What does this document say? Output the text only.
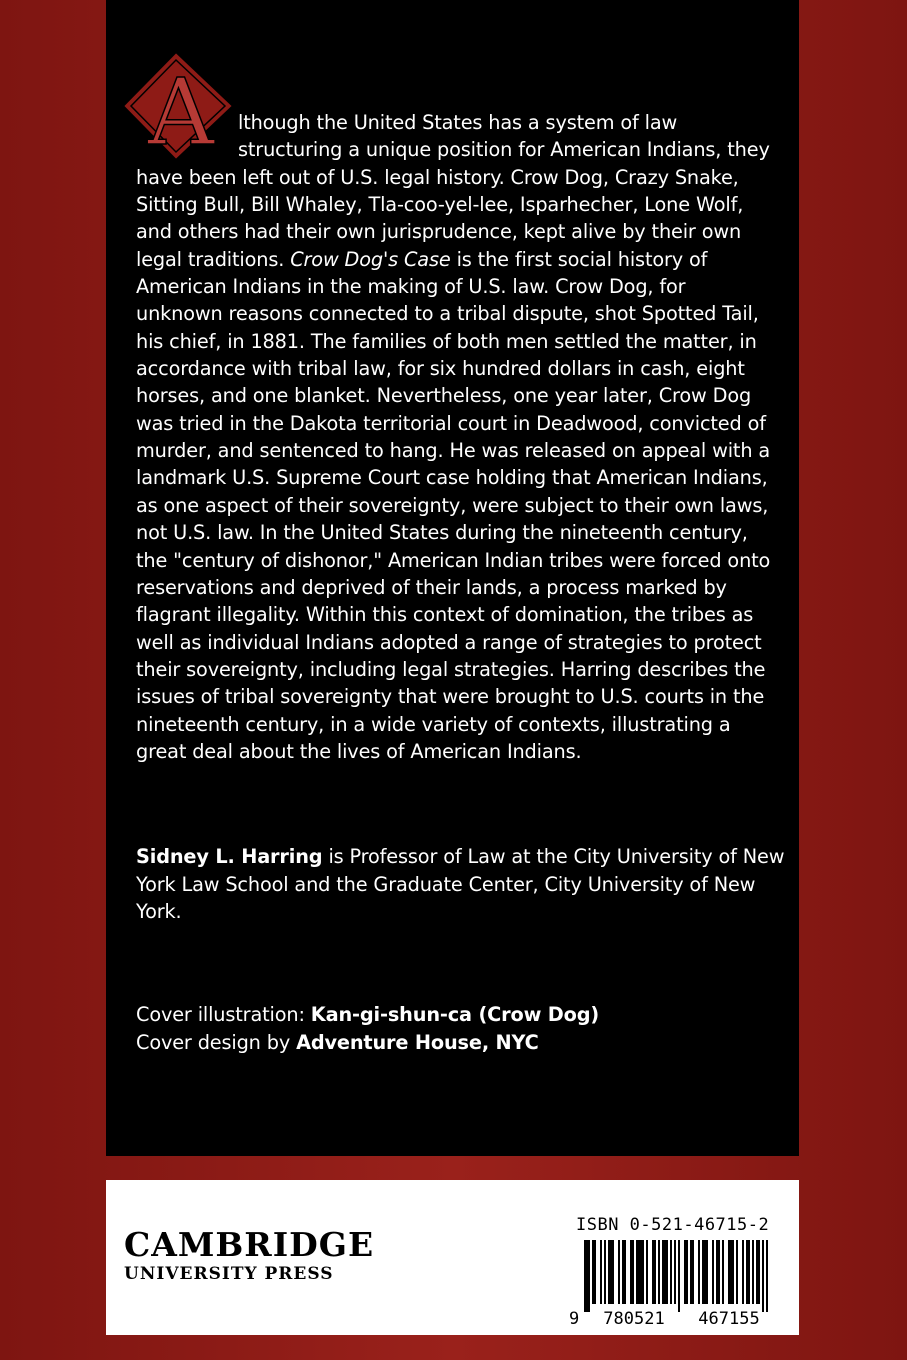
A	lthough the United States has a system of law
structuring a unique position for American Indians, they
have been left out of U.S. legal history. Crow Dog, Crazy Snake,
Sitting Bull, Bill Whaley, Tla-coo-yel-lee, Isparhecher, Lone Wolf,
and others had their own jurisprudence, kept alive by their own
legal traditions. Crow Dog's Case is the first social history of
American Indians in the making of U.S. law. Crow Dog, for
unknown reasons connected to a tribal dispute, shot Spotted Tail,
his chief, in 1881. The families of both men settled the matter, in
accordance with tribal law, for six hundred dollars in cash, eight
horses, and one blanket. Nevertheless, one year later, Crow Dog
was tried in the Dakota territorial court in Deadwood, convicted of
murder, and sentenced to hang. He was released on appeal with a
landmark U.S. Supreme Court case holding that American Indians,
as one aspect of their sovereignty, were subject to their own laws,
not U.S. law. In the United States during the nineteenth century,
the "century of dishonor," American Indian tribes were forced onto
reservations and deprived of their lands, a process marked by
flagrant illegality. Within this context of domination, the tribes as
well as individual Indians adopted a range of strategies to protect
their sovereignty, including legal strategies. Harring describes the
issues of tribal sovereignty that were brought to U.S. courts in the
nineteenth century, in a wide variety of contexts, illustrating a
great deal about the lives of American Indians.
Sidney L. Harring is Professor of Law at the City University of New York Law School and the Graduate Center, City University of New York.
Cover illustration: Kan-gi-shun-ca (Crow Dog)
Cover design by Adventure House, NYC
CAMBRIDGE
UNIVERSITY PRESS
ISBN 0-521-46715-2
9 780521 467155
